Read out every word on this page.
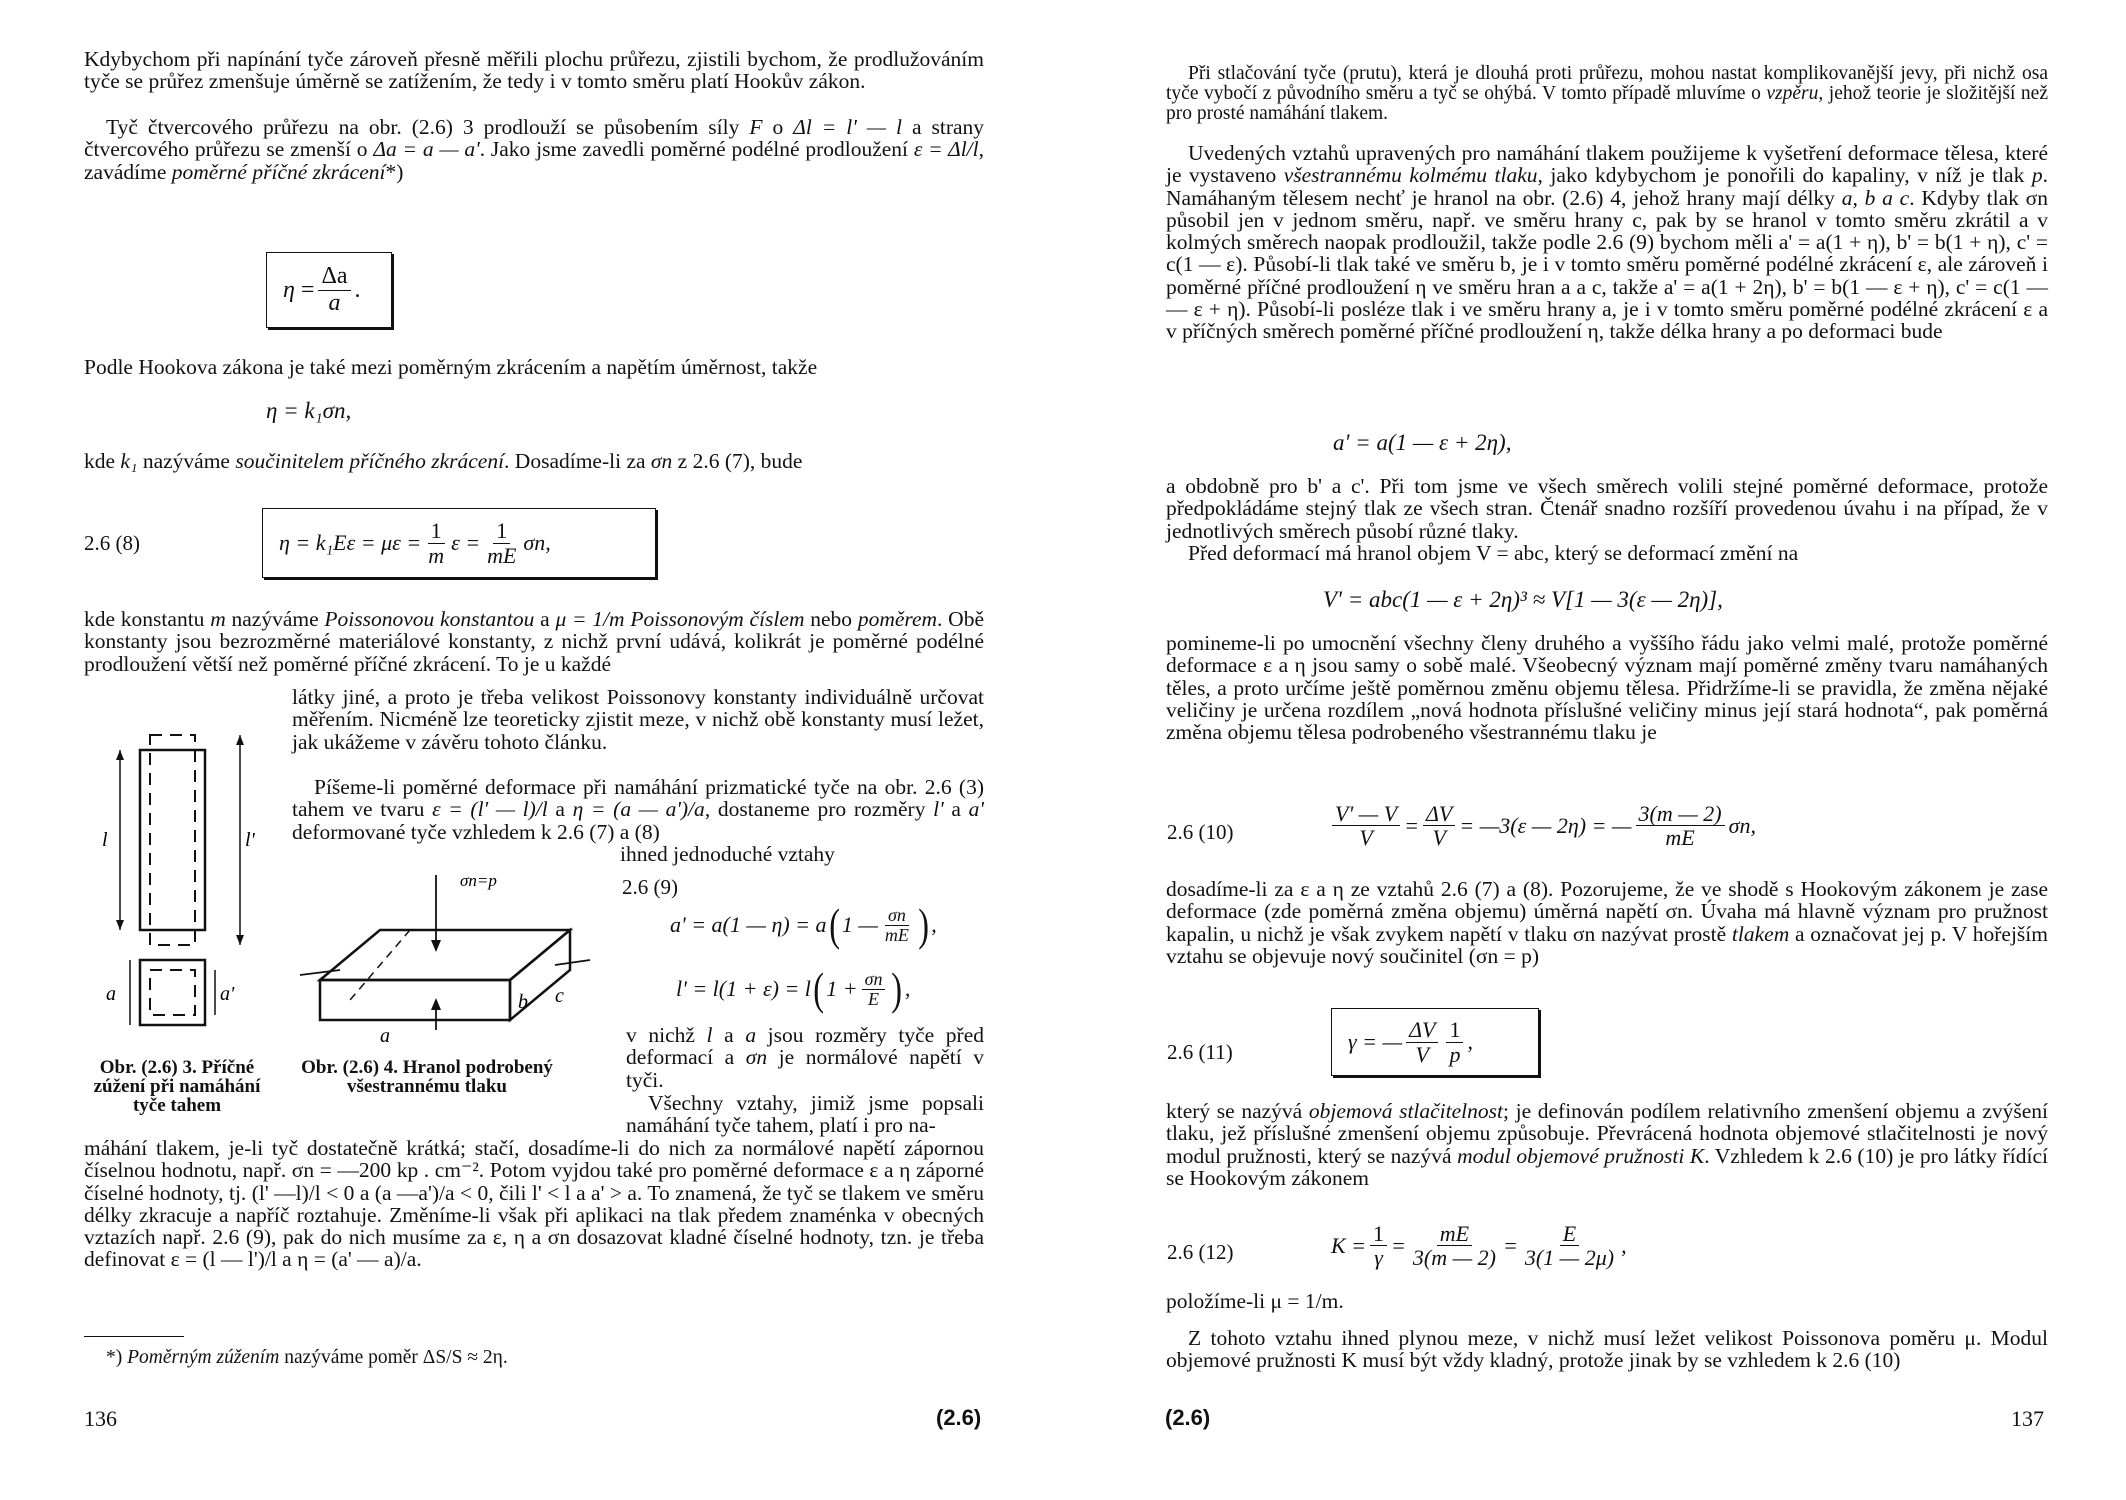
Kdybychom při napínání tyče zároveň přesně měřili plochu průřezu, zjistili bychom, že prodlužováním tyče se průřez zmenšuje úměrně se zatížením, že tedy i v tomto směru platí Hookův zákon.

Tyč čtvercového průřezu na obr. (2.6) 3 prodlouží se působením síly F o Δl = l' — l a strany čtvercového průřezu se zmenší o Δa = a — a'. Jako jsme zavedli poměrné podélné prodloužení ε = Δl/l, zavádíme poměrné příčné zkrácení*)

$\eta = \frac{\Delta a}{a}$ .

Podle Hookova zákona je také mezi poměrným zkrácením a napětím úměrnost, takže

η = k₁σn,

kde k₁ nazýváme součinitelem příčného zkrácení. Dosadíme-li za σn z 2.6 (7), bude

2.6 (8)	$\eta = k_1E\varepsilon = \mu\varepsilon = \frac{1}{m}$ $\varepsilon = \frac{1}{mE} \sigma n$,

kde konstantu m nazýváme Poissonovou konstantou a μ = 1/m Poissonovým číslem nebo poměrem. Obě konstanty jsou bezrozměrné materiálové konstanty, z nichž první udává, kolikrát je poměrné podélné prodloužení větší než poměrné příčné zkrácení. To je u každé

látky jiné, a proto je třeba velikost Poissonovy konstanty individuálně určovat měřením. Nicméně lze teoreticky zjistit meze, v nichž obě konstanty musí ležet, jak ukážeme v závěru tohoto článku.

Píšeme-li poměrné deformace při namáhání prizmatické tyče na obr. 2.6 (3) tahem ve tvaru ε = (l' — l)/l a η = (a — a')/a, dostaneme pro rozměry l' a a' deformované tyče vzhledem k 2.6 (7) a (8)

ihned jednoduché vztahy

l	l'
a	a'
Obr. (2.6) 3. Příčné zúžení při namáhání tyče tahem
σn=p
a
b c
Obr. (2.6) 4. Hranol podrobený všestrannému tlaku
2.6 (9)
a' = a(1 — η) = a ( 1 — $\frac{\sigma n}{mE}$ ) ,
l' = l(1 + ε) = l ( $1 + \frac{\sigma n}{E}$ ) ,

v nichž l a a jsou rozměry tyče před deformací a σn je normálové napětí v tyči.

Všechny vztahy, jimiž jsme popsali namáhání tyče tahem, platí i pro na-

máhání tlakem, je-li tyč dostatečně krátká; stačí, dosadíme-li do nich za normálové napětí zápornou číselnou hodnotu, např. σn = —200 kp . cm⁻². Potom vyjdou také pro poměrné deformace ε a η záporné číselné hodnoty, tj. (l' —l)/l < 0 a (a —a')/a < 0, čili l' < l a a' > a. To znamená, že tyč se tlakem ve směru délky zkracuje a napříč roztahuje. Změníme-li však při aplikaci na tlak předem znaménka v obecných vztazích např. 2.6 (9), pak do nich musíme za ε, η a σn dosazovat kladné číselné hodnoty, tzn. je třeba definovat ε = (l — l')/l a η = (a' — a)/a.

*) Poměrným zúžením nazýváme poměr ΔS/S ≈ 2η.

136	(2.6)

Při stlačování tyče (prutu), která je dlouhá proti průřezu, mohou nastat komplikovanější jevy, při nichž osa tyče vybočí z původního směru a tyč se ohýbá. V tomto případě mluvíme o vzpěru, jehož teorie je složitější než pro prosté namáhání tlakem.

Uvedených vztahů upravených pro namáhání tlakem použijeme k vyšetření deformace tělesa, které je vystaveno všestrannému kolmému tlaku, jako kdybychom je ponořili do kapaliny, v níž je tlak p. Namáhaným tělesem nechť je hranol na obr. (2.6) 4, jehož hrany mají délky a, b a c. Kdyby tlak σn působil jen v jednom směru, např. ve směru hrany c, pak by se hranol v tomto směru zkrátil a v kolmých směrech naopak prodloužil, takže podle 2.6 (9) bychom měli a' = a(1 + η), b' = b(1 + η), c' = c(1 — ε). Působí-li tlak také ve směru b, je i v tomto směru poměrné podélné zkrácení ε, ale zároveň i poměrné příčné prodloužení η ve směru hran a a c, takže a' = a(1 + 2η), b' = b(1 — ε + η), c' = c(1 — — ε + η). Působí-li posléze tlak i ve směru hrany a, je i v tomto směru poměrné podélné zkrácení ε a v příčných směrech poměrné příčné prodloužení η, takže délka hrany a po deformaci bude

a' = a(1 — ε + 2η),

a obdobně pro b' a c'. Při tom jsme ve všech směrech volili stejné poměrné deformace, protože předpokládáme stejný tlak ze všech stran. Čtenář snadno rozšíří provedenou úvahu i na případ, že v jednotlivých směrech působí různé tlaky.

Před deformací má hranol objem V = abc, který se deformací změní na

V' = abc(1 — ε + 2η)³ ≈ V[1 — 3(ε — 2η)],

pomineme-li po umocnění všechny členy druhého a vyššího řádu jako velmi malé, protože poměrné deformace ε a η jsou samy o sobě malé. Všeobecný význam mají poměrné změny tvaru namáhaných těles, a proto určíme ještě poměrnou změnu objemu tělesa. Přidržíme-li se pravidla, že změna nějaké veličiny je určena rozdílem „nová hodnota příslušné veličiny minus její stará hodnota“, pak poměrná změna objemu tělesa podrobeného všestrannému tlaku je

2.6 (10)	$\frac{V' — V}{V} = \frac{\Delta V}{V}$ = —3(ε — 2η) = — $\frac{3(m — 2)}{mE} \sigma n$,

dosadíme-li za ε a η ze vztahů 2.6 (7) a (8). Pozorujeme, že ve shodě s Hookovým zákonem je zase deformace (zde poměrná změna objemu) úměrná napětí σn. Úvaha má hlavně význam pro pružnost kapalin, u nichž je však zvykem napětí v tlaku σn nazývat prostě tlakem a označovat jej p. V hořejším vztahu se objevuje nový součinitel (σn = p)

2.6 (11)	γ = — $\frac{\Delta V}{V} \frac{1}{p}$ ,

který se nazývá objemová stlačitelnost; je definován podílem relativního zmenšení objemu a zvýšení tlaku, jež příslušné zmenšení objemu způsobuje. Převrácená hodnota objemové stlačitelnosti je nový modul pružnosti, který se nazývá modul objemové pružnosti K. Vzhledem k 2.6 (10) je pro látky řídící se Hookovým zákonem

2.6 (12)	$K = \frac{1}{\gamma} = \frac{mE}{3(m — 2)} = \frac{E}{3(1 — 2\mu)}$ ,

položíme-li μ = 1/m.

Z tohoto vztahu ihned plynou meze, v nichž musí ležet velikost Poissonova poměru μ. Modul objemové pružnosti K musí být vždy kladný, protože jinak by se vzhledem k 2.6 (10)

(2.6)	137
